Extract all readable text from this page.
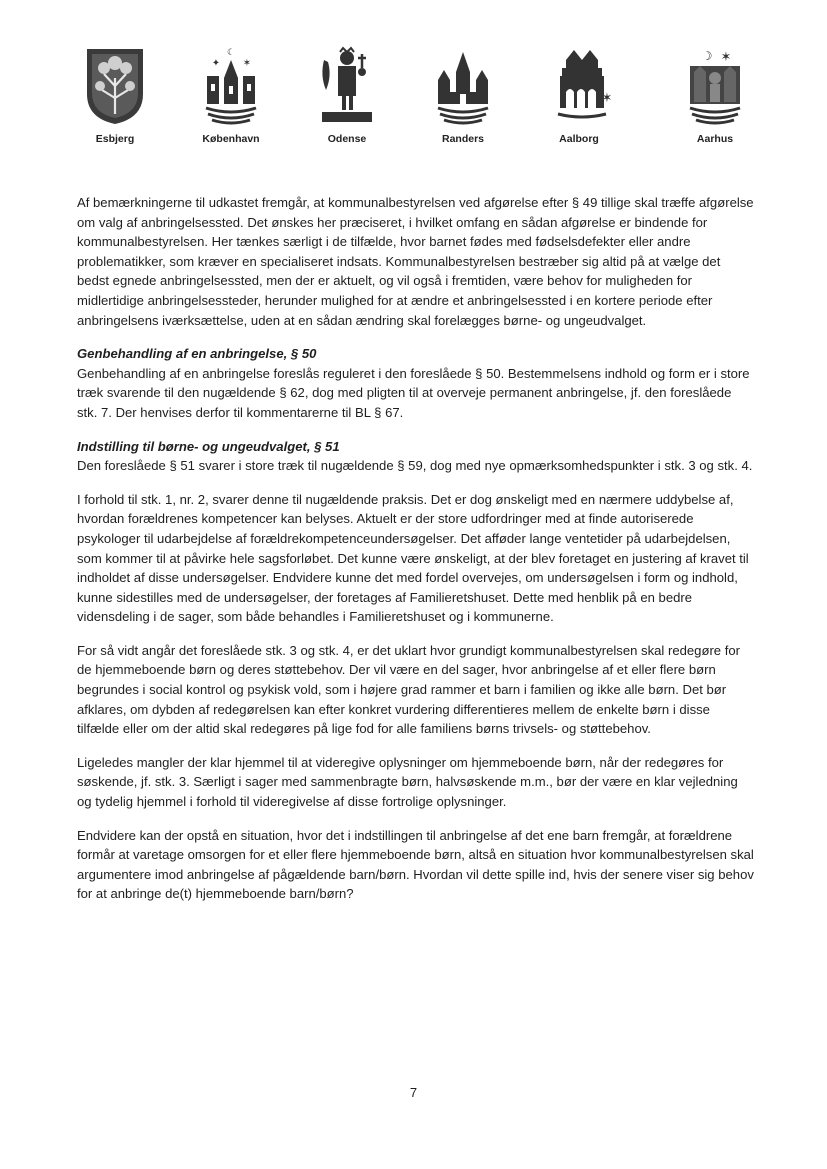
Esbjerg
☾
✦ ✶
København	Odense	Randers
✶
Aalborg
☽ ✶
Aarhus

Af bemærkningerne til udkastet fremgår, at kommunalbestyrelsen ved afgørelse efter § 49 tillige skal træffe afgørelse om valg af anbringelsessted. Det ønskes her præciseret, i hvilket omfang en sådan afgørelse er bindende for kommunalbestyrelsen. Her tænkes særligt i de tilfælde, hvor barnet fødes med fødselsdefekter eller andre problematikker, som kræver en specialiseret indsats. Kommunalbestyrelsen bestræber sig altid på at vælge det bedst egnede anbringelsessted, men der er aktuelt, og vil også i fremtiden, være behov for muligheden for midlertidige anbringelsessteder, herunder mulighed for at ændre et anbringelsessted i en kortere periode efter anbringelsens iværksættelse, uden at en sådan ændring skal forelægges børne- og ungeudvalget.

Genbehandling af en anbringelse, § 50

Genbehandling af en anbringelse foreslås reguleret i den foreslåede § 50. Bestemmelsens indhold og form er i store træk svarende til den nugældende § 62, dog med pligten til at overveje permanent anbringelse, jf. den foreslåede stk. 7. Der henvises derfor til kommentarerne til BL § 67.

Indstilling til børne- og ungeudvalget, § 51

Den foreslåede § 51 svarer i store træk til nugældende § 59, dog med nye opmærksomhedspunkter i stk. 3 og stk. 4.

I forhold til stk. 1, nr. 2, svarer denne til nugældende praksis. Det er dog ønskeligt med en nærmere uddybelse af, hvordan forældrenes kompetencer kan belyses. Aktuelt er der store udfordringer med at finde autoriserede psykologer til udarbejdelse af forældrekompetenceundersøgelser. Det afføder lange ventetider på udarbejdelsen, som kommer til at påvirke hele sagsforløbet. Det kunne være ønskeligt, at der blev foretaget en justering af kravet til indholdet af disse undersøgelser. Endvidere kunne det med fordel overvejes, om undersøgelsen i form og indhold, kunne sidestilles med de undersøgelser, der foretages af Familieretshuset. Dette med henblik på en bedre vidensdeling i de sager, som både behandles i Familieretshuset og i kommunerne.

For så vidt angår det foreslåede stk. 3 og stk. 4, er det uklart hvor grundigt kommunalbestyrelsen skal redegøre for de hjemmeboende børn og deres støttebehov. Der vil være en del sager, hvor anbringelse af et eller flere børn begrundes i social kontrol og psykisk vold, som i højere grad rammer et barn i familien og ikke alle børn. Det bør afklares, om dybden af redegørelsen kan efter konkret vurdering differentieres mellem de enkelte børn i disse tilfælde eller om der altid skal redegøres på lige fod for alle familiens børns trivsels- og støttebehov.

Ligeledes mangler der klar hjemmel til at videregive oplysninger om hjemmeboende børn, når der redegøres for søskende, jf. stk. 3. Særligt i sager med sammenbragte børn, halvsøskende m.m., bør der være en klar vejledning og tydelig hjemmel i forhold til videregivelse af disse fortrolige oplysninger.

Endvidere kan der opstå en situation, hvor det i indstillingen til anbringelse af det ene barn fremgår, at forældrene formår at varetage omsorgen for et eller flere hjemmeboende børn, altså en situation hvor kommunalbestyrelsen skal argumentere imod anbringelse af pågældende barn/børn. Hvordan vil dette spille ind, hvis der senere viser sig behov for at anbringe de(t) hjemmeboende barn/børn?

7
